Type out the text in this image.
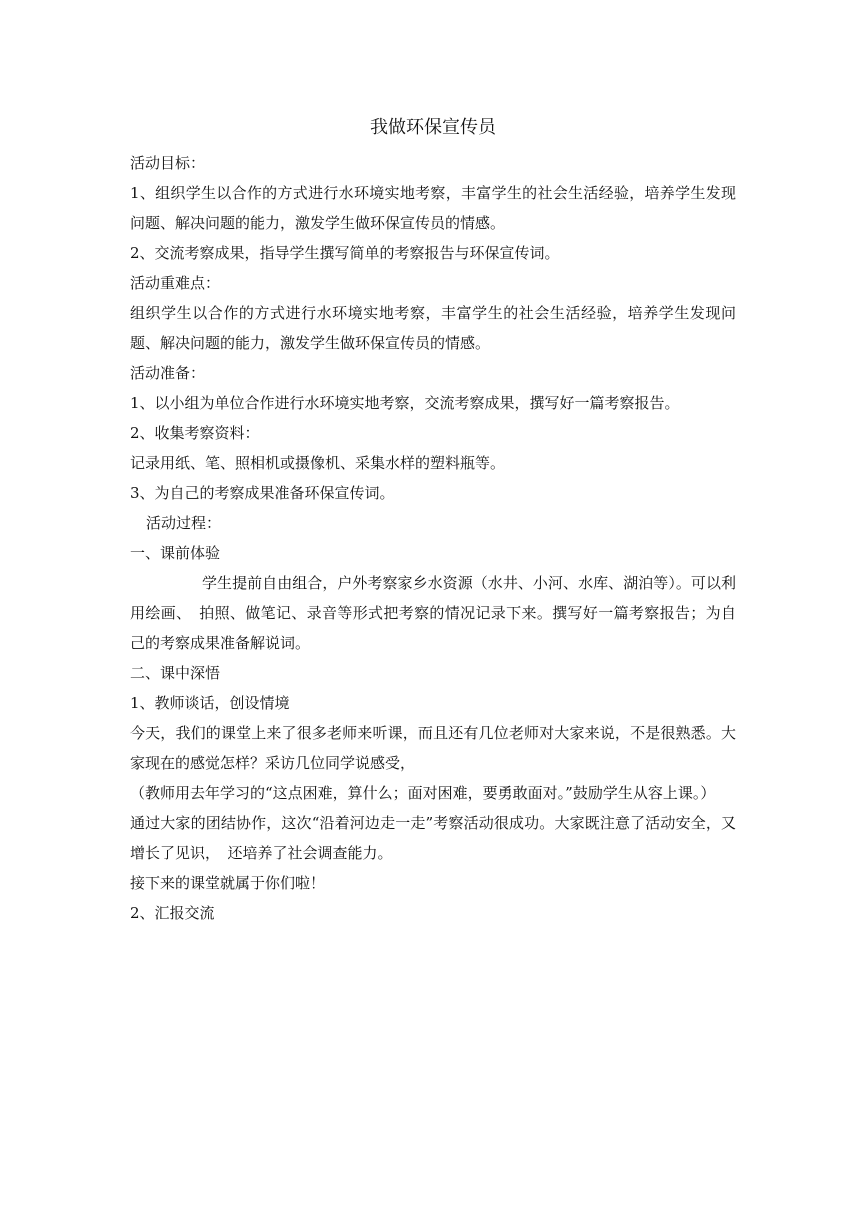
我做环保宣传员

活动目标：

1、组织学生以合作的方式进行水环境实地考察，丰富学生的社会生活经验，培养学生发现问题、解决问题的能力，激发学生做环保宣传员的情感。

2、交流考察成果，指导学生撰写简单的考察报告与环保宣传词。

活动重难点：

组织学生以合作的方式进行水环境实地考察，丰富学生的社会生活经验，培养学生发现问题、解决问题的能力，激发学生做环保宣传员的情感。

活动准备：

1、以小组为单位合作进行水环境实地考察，交流考察成果，撰写好一篇考察报告。

2、收集考察资料：

记录用纸、笔、照相机或摄像机、采集水样的塑料瓶等。

3、为自己的考察成果准备环保宣传词。

活动过程：

一、课前体验

学生提前自由组合，户外考察家乡水资源（水井、小河、水库、湖泊等）。可以利用绘画、　拍照、做笔记、录音等形式把考察的情况记录下来。撰写好一篇考察报告；为自己的考察成果准备解说词。

二、课中深悟

1、教师谈话，创设情境

今天，我们的课堂上来了很多老师来听课，而且还有几位老师对大家来说，不是很熟悉。大家现在的感觉怎样？采访几位同学说感受，

（教师用去年学习的“这点困难，算什么；面对困难，要勇敢面对。”鼓励学生从容上课。）

通过大家的团结协作，这次“沿着河边走一走”考察活动很成功。大家既注意了活动安全，又增长了见识，　还培养了社会调查能力。

接下来的课堂就属于你们啦！

2、汇报交流
